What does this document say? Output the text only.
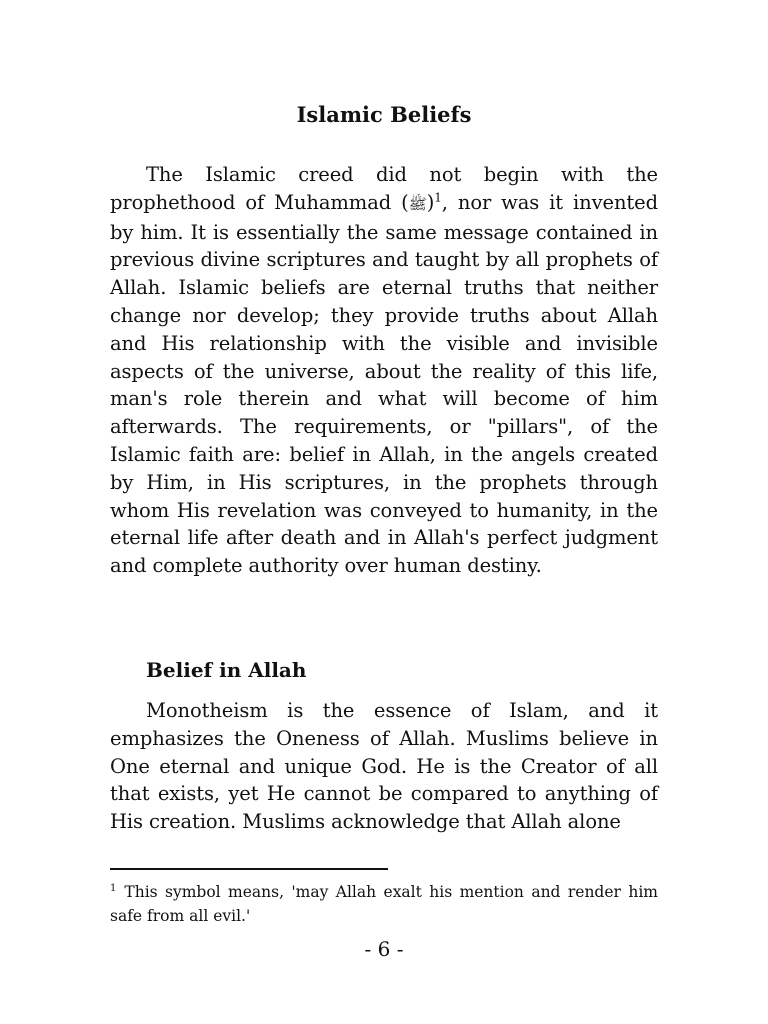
Islamic Beliefs

The Islamic creed did not begin with the prophethood of Muhammad (ﷺ)$^1$, nor was it invented by him. It is essentially the same message contained in previous divine scriptures and taught by all prophets of Allah. Islamic beliefs are eternal truths that neither change nor develop; they provide truths about Allah and His relationship with the visible and invisible aspects of the universe, about the reality of this life, man's role therein and what will become of him afterwards. The requirements, or "pillars", of the Islamic faith are: belief in Allah, in the angels created by Him, in His scriptures, in the prophets through whom His revelation was conveyed to humanity, in the eternal life after death and in Allah's perfect judgment and complete authority over human destiny.

Belief in Allah

Monotheism is the essence of Islam, and it emphasizes the Oneness of Allah. Muslims believe in One eternal and unique God. He is the Creator of all that exists, yet He cannot be compared to anything of His creation. Muslims acknowledge that Allah alone

$^1$ This symbol means, 'may Allah exalt his mention and render him safe from all evil.'

- 6 -
